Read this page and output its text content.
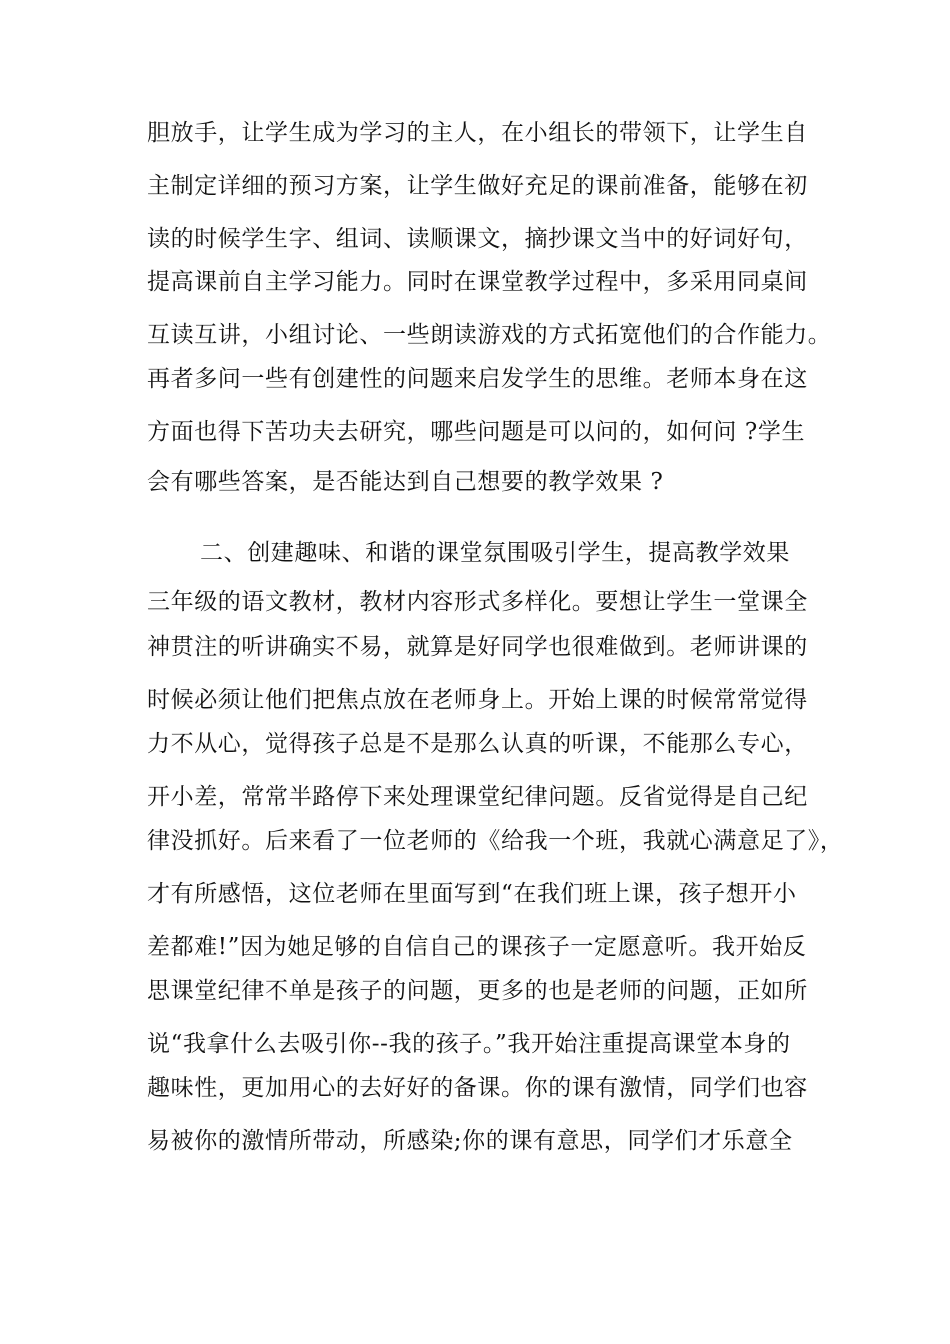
胆放手，让学生成为学习的主人，在小组长的带领下，让学生自
主制定详细的预习方案，让学生做好充足的课前准备，能够在初
读的时候学生字、组词、读顺课文，摘抄课文当中的好词好句，
提高课前自主学习能力。同时在课堂教学过程中，多采用同桌间
互读互讲，小组讨论、一些朗读游戏的方式拓宽他们的合作能力。
再者多问一些有创建性的问题来启发学生的思维。老师本身在这
方面也得下苦功夫去研究，哪些问题是可以问的，如何问 ?学生
会有哪些答案，是否能达到自己想要的教学效果 ?
二、创建趣味、和谐的课堂氛围吸引学生，提高教学效果
三年级的语文教材，教材内容形式多样化。要想让学生一堂课全
神贯注的听讲确实不易，就算是好同学也很难做到。老师讲课的
时候必须让他们把焦点放在老师身上。开始上课的时候常常觉得
力不从心，觉得孩子总是不是那么认真的听课，不能那么专心，
开小差，常常半路停下来处理课堂纪律问题。反省觉得是自己纪
律没抓好。后来看了一位老师的《给我一个班，我就心满意足了》，
才有所感悟，这位老师在里面写到“在我们班上课，孩子想开小
差都难!”因为她足够的自信自己的课孩子一定愿意听。我开始反
思课堂纪律不单是孩子的问题，更多的也是老师的问题，正如所
说“我拿什么去吸引你--我的孩子。”我开始注重提高课堂本身的
趣味性，更加用心的去好好的备课。你的课有激情，同学们也容
易被你的激情所带动，所感染;你的课有意思，同学们才乐意全
